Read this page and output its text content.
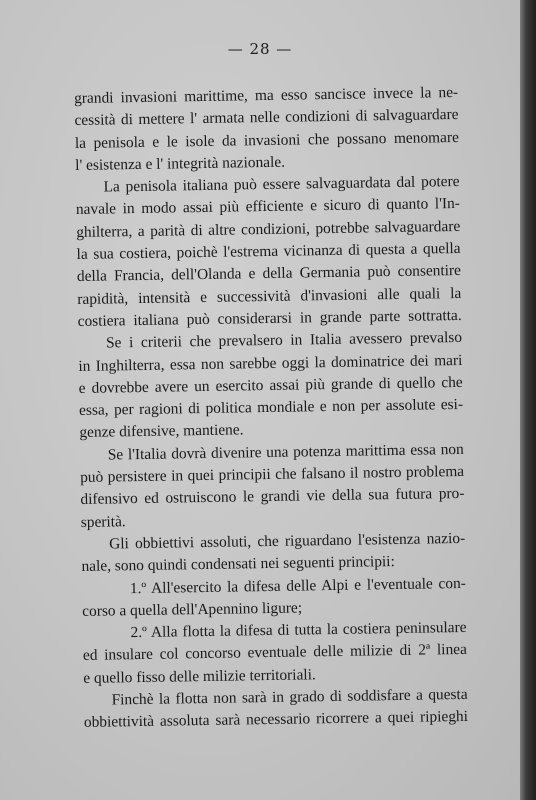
— 28 —
grandi invasioni marittime, ma esso sancisce invece la ne-
cessità di mettere l' armata nelle condizioni di salvaguardare
la penisola e le isole da invasioni che possano menomare
l' esistenza e l' integrità nazionale.
La penisola italiana può essere salvaguardata dal potere
navale in modo assai più efficiente e sicuro di quanto l'In-
ghilterra, a parità di altre condizioni, potrebbe salvaguardare
la sua costiera, poichè l'estrema vicinanza di questa a quella
della Francia, dell'Olanda e della Germania può consentire
rapidità, intensità e successività d'invasioni alle quali la
costiera italiana può considerarsi in grande parte sottratta.
Se i criterii che prevalsero in Italia avessero prevalso
in Inghilterra, essa non sarebbe oggi la dominatrice dei mari
e dovrebbe avere un esercito assai più grande di quello che
essa, per ragioni di politica mondiale e non per assolute esi-
genze difensive, mantiene.
Se l'Italia dovrà divenire una potenza marittima essa non
può persistere in quei principii che falsano il nostro problema
difensivo ed ostruiscono le grandi vie della sua futura pro-
sperità.
Gli obbiettivi assoluti, che riguardano l'esistenza nazio-
nale, sono quindi condensati nei seguenti principii:
1.º All'esercito la difesa delle Alpi e l'eventuale con-
corso a quella dell'Apennino ligure;
2.º Alla flotta la difesa di tutta la costiera peninsulare
ed insulare col concorso eventuale delle milizie di 2ª linea
e quello fisso delle milizie territoriali.
Finchè la flotta non sarà in grado di soddisfare a questa
obbiettività assoluta sarà necessario ricorrere a quei ripieghi
